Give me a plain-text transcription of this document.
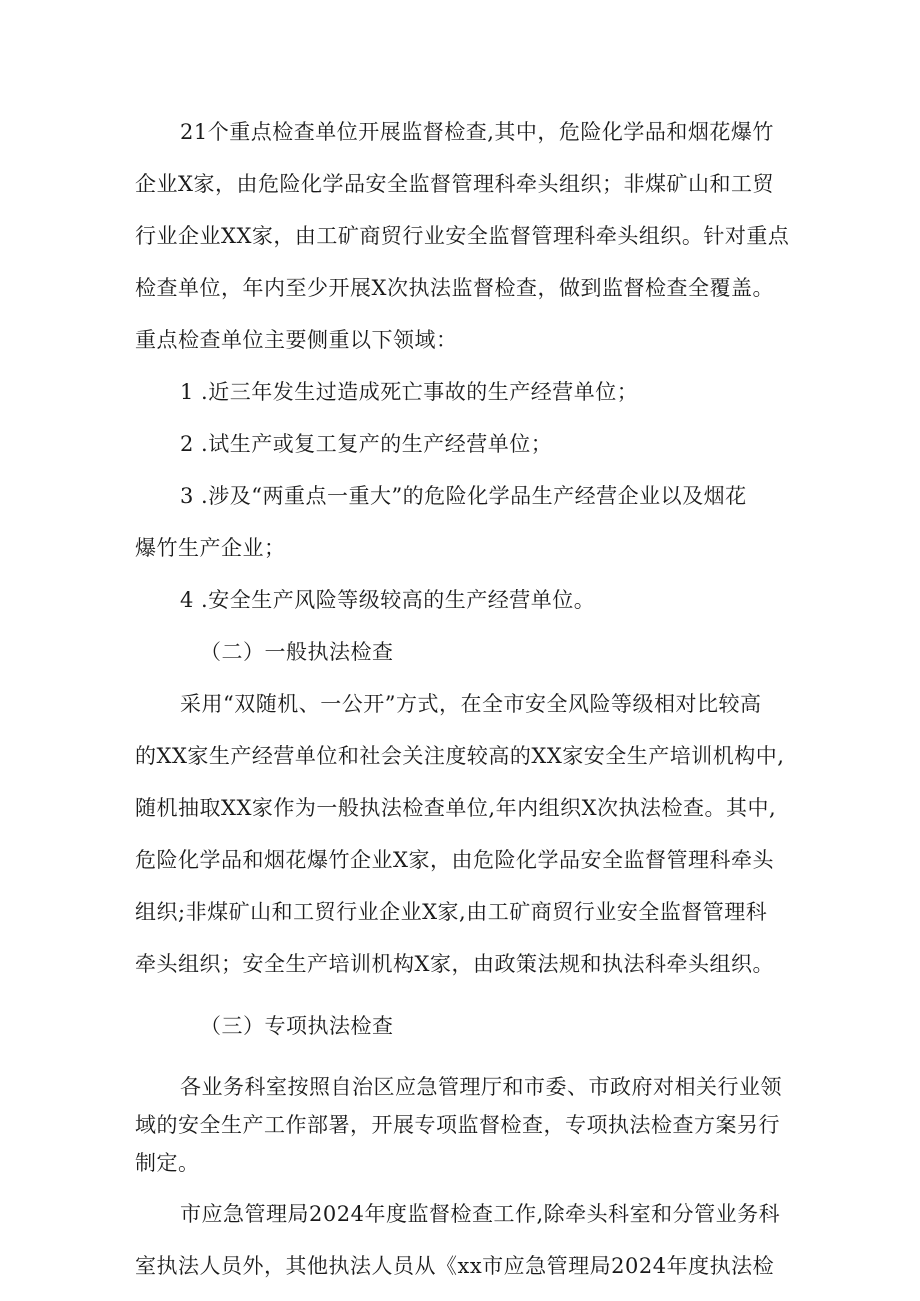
21个重点检查单位开展监督检查,其中，危险化学品和烟花爆竹
企业X家，由危险化学品安全监督管理科牵头组织；非煤矿山和工贸
行业企业XX家，由工矿商贸行业安全监督管理科牵头组织。针对重点
检查单位，年内至少开展X次执法监督检查，做到监督检查全覆盖。
重点检查单位主要侧重以下领域：
1 .近三年发生过造成死亡事故的生产经营单位；
2 .试生产或复工复产的生产经营单位；
3 .涉及“两重点一重大”的危险化学品生产经营企业以及烟花
爆竹生产企业；
4 .安全生产风险等级较高的生产经营单位。
（二）一般执法检查
采用“双随机、一公开”方式，在全市安全风险等级相对比较高
的XX家生产经营单位和社会关注度较高的XX家安全生产培训机构中,
随机抽取XX家作为一般执法检查单位,年内组织X次执法检查。其中,
危险化学品和烟花爆竹企业X家，由危险化学品安全监督管理科牵头
组织;非煤矿山和工贸行业企业X家,由工矿商贸行业安全监督管理科
牵头组织；安全生产培训机构X家，由政策法规和执法科牵头组织。
（三）专项执法检查
各业务科室按照自治区应急管理厅和市委、市政府对相关行业领
域的安全生产工作部署，开展专项监督检查，专项执法检查方案另行
制定。
市应急管理局2024年度监督检查工作,除牵头科室和分管业务科
室执法人员外，其他执法人员从《xx市应急管理局2024年度执法检
